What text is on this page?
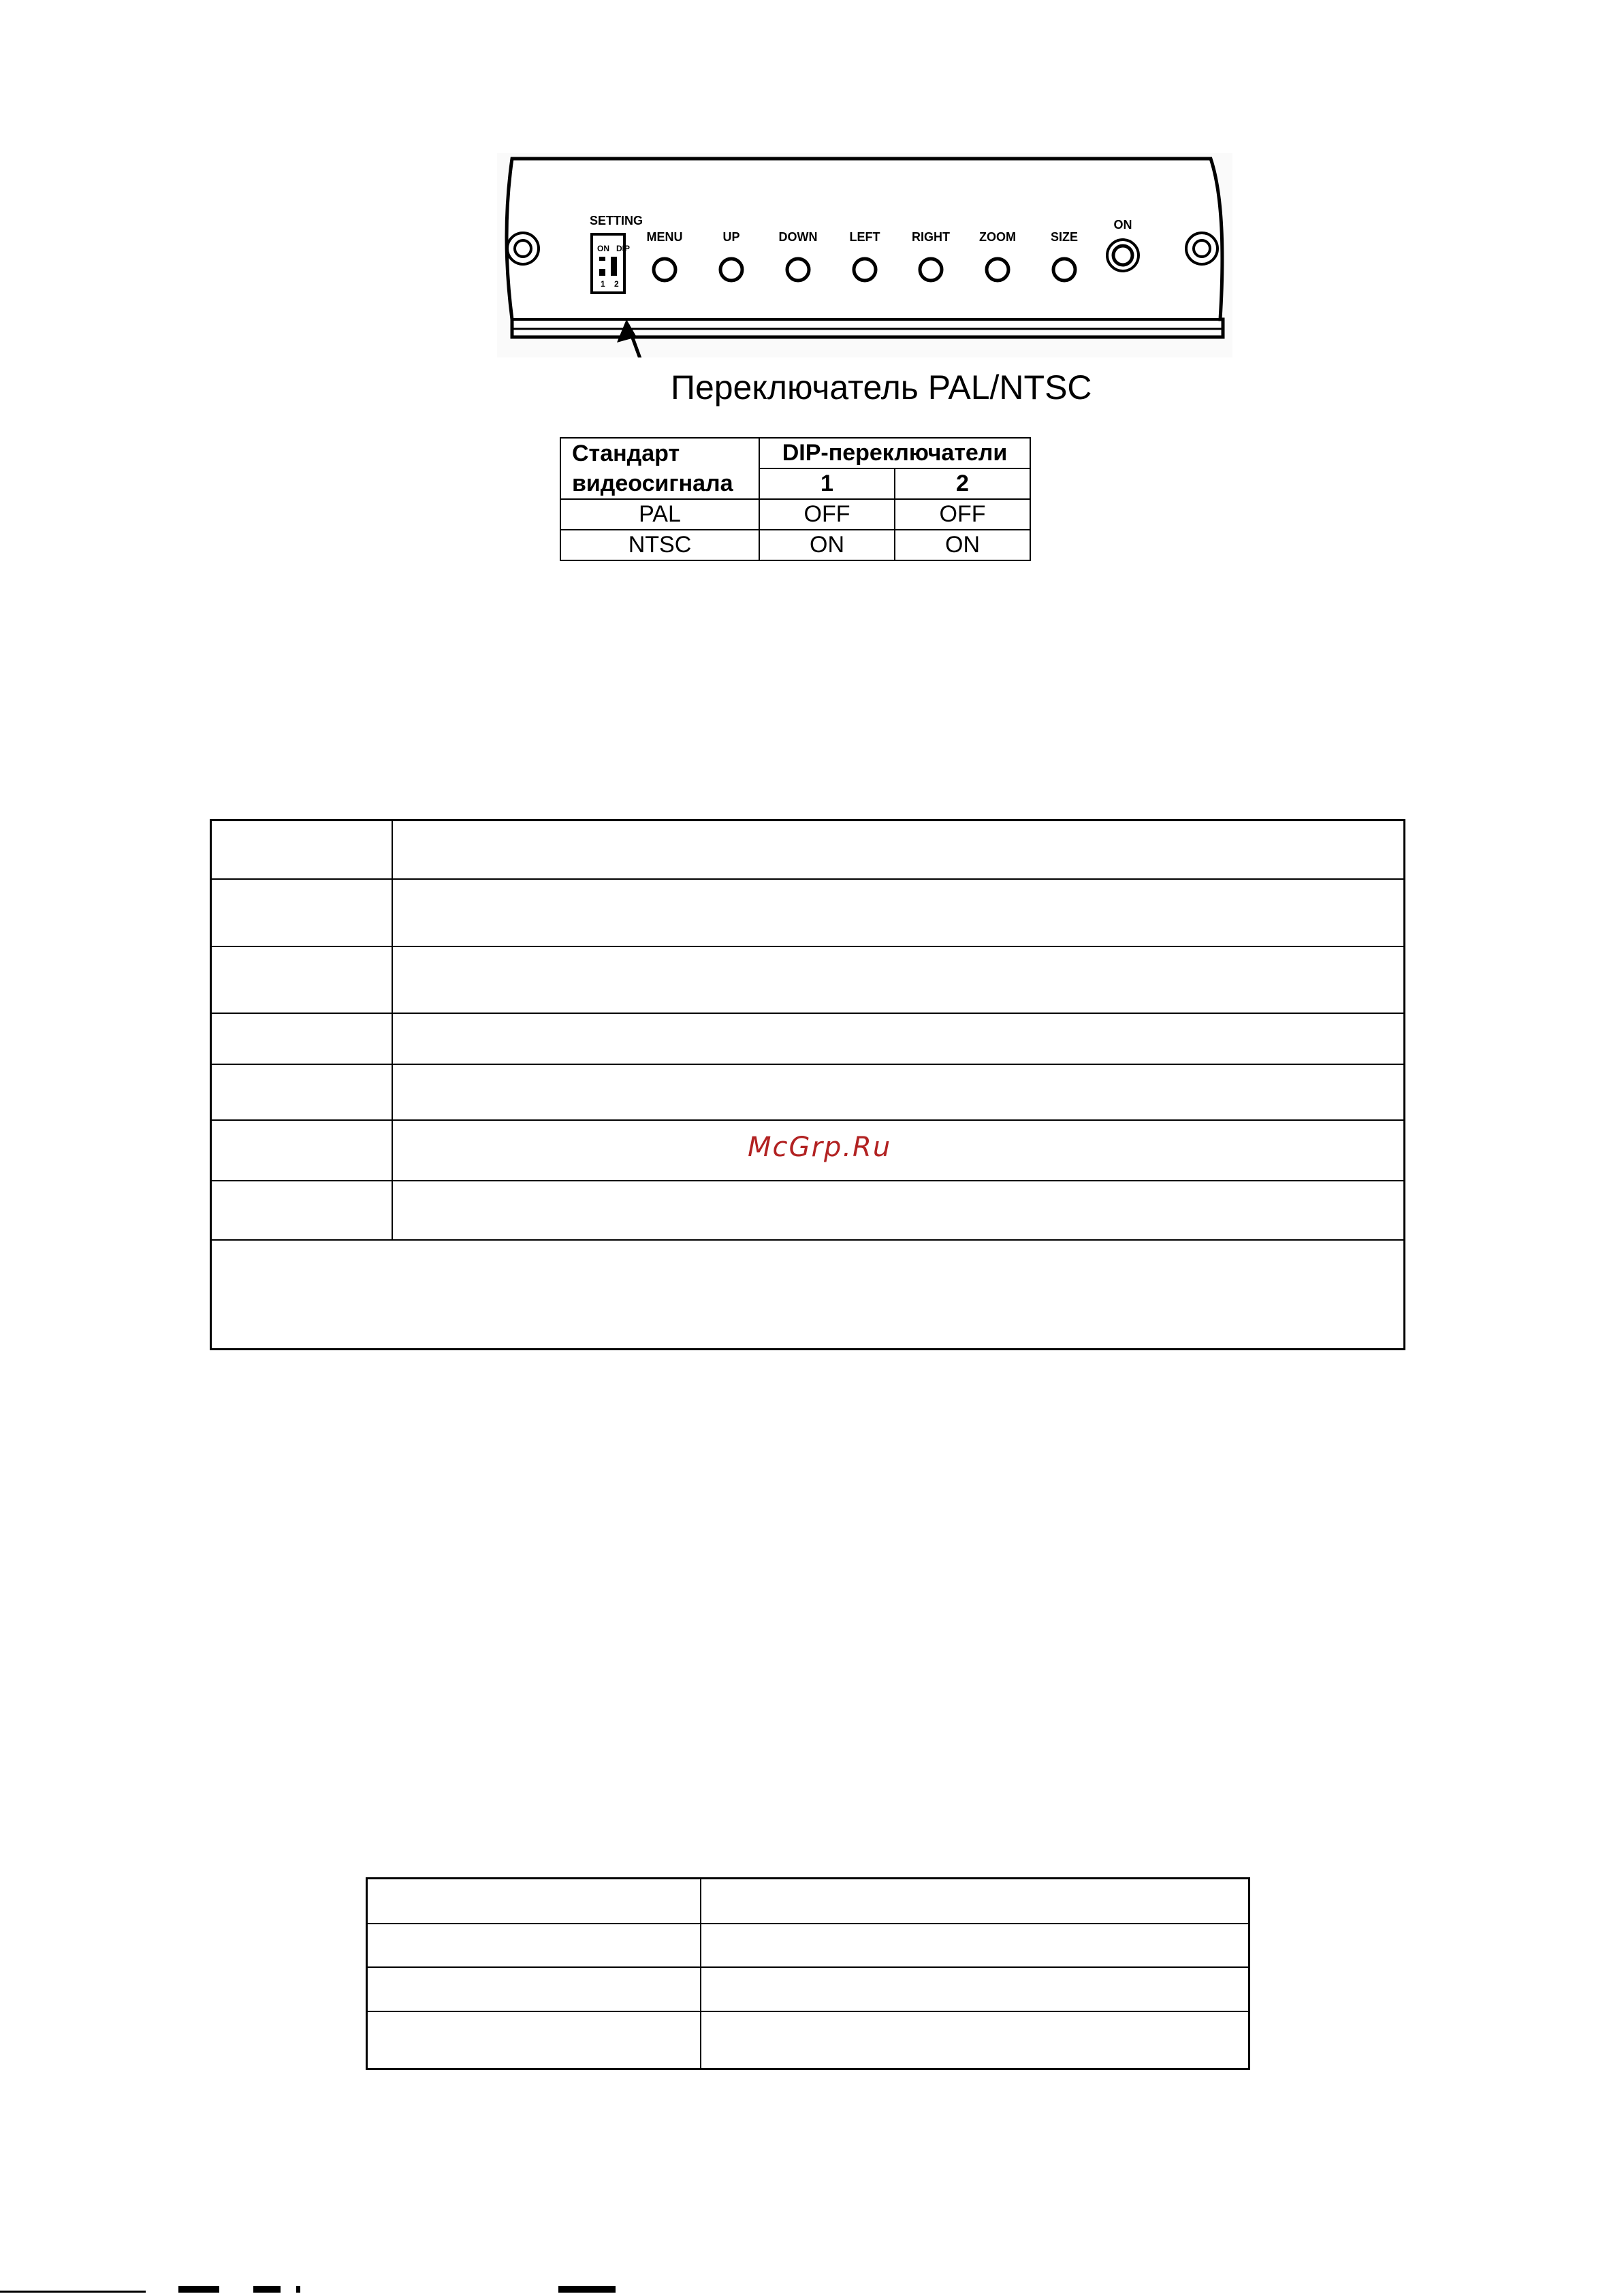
SETTING
ON DIP
1 2
MENU	UP	DOWN	LEFT	RIGHT	ZOOM	SIZE
ON
Переключатель PAL/NTSC
Стандарт видеосигнала	DIP-переключатели	
	1	2
PAL	OFF	OFF
NTSC	ON	ON
McGrp.Ru
